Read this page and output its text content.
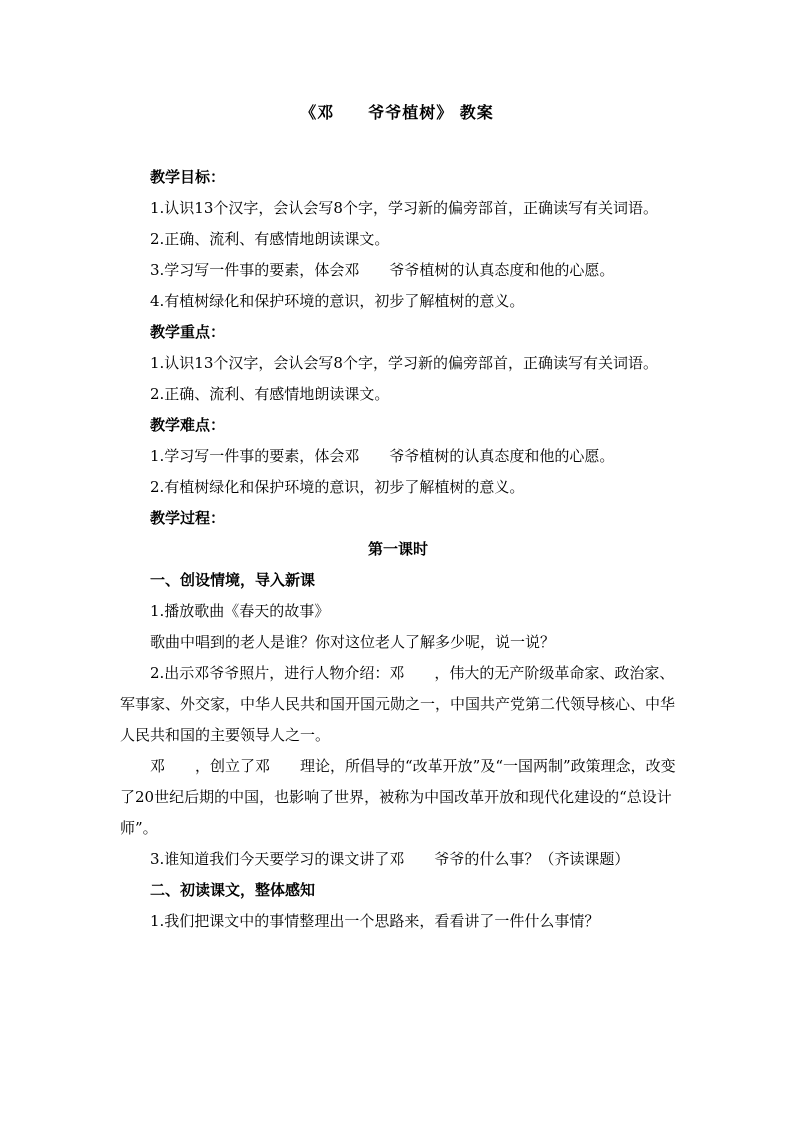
《邓　　爷爷植树》 教案

教学目标：

1.认识13个汉字，会认会写8个字，学习新的偏旁部首，正确读写有关词语。

2.正确、流利、有感情地朗读课文。

3.学习写一件事的要素，体会邓　　爷爷植树的认真态度和他的心愿。

4.有植树绿化和保护环境的意识，初步了解植树的意义。

教学重点：

1.认识13个汉字，会认会写8个字，学习新的偏旁部首，正确读写有关词语。

2.正确、流利、有感情地朗读课文。

教学难点：

1.学习写一件事的要素，体会邓　　爷爷植树的认真态度和他的心愿。

2.有植树绿化和保护环境的意识，初步了解植树的意义。

教学过程：

第一课时

一、创设情境，导入新课

1.播放歌曲《春天的故事》

歌曲中唱到的老人是谁？你对这位老人了解多少呢，说一说？

2.出示邓爷爷照片，进行人物介绍：邓　　，伟大的无产阶级革命家、政治家、军事家、外交家，中华人民共和国开国元勋之一，中国共产党第二代领导核心、中华人民共和国的主要领导人之一。

邓　　，创立了邓　　理论，所倡导的“改革开放”及“一国两制”政策理念，改变了20世纪后期的中国，也影响了世界，被称为中国改革开放和现代化建设的“总设计师”。

3.谁知道我们今天要学习的课文讲了邓　　爷爷的什么事？（齐读课题）

二、初读课文，整体感知

1.我们把课文中的事情整理出一个思路来，看看讲了一件什么事情？
